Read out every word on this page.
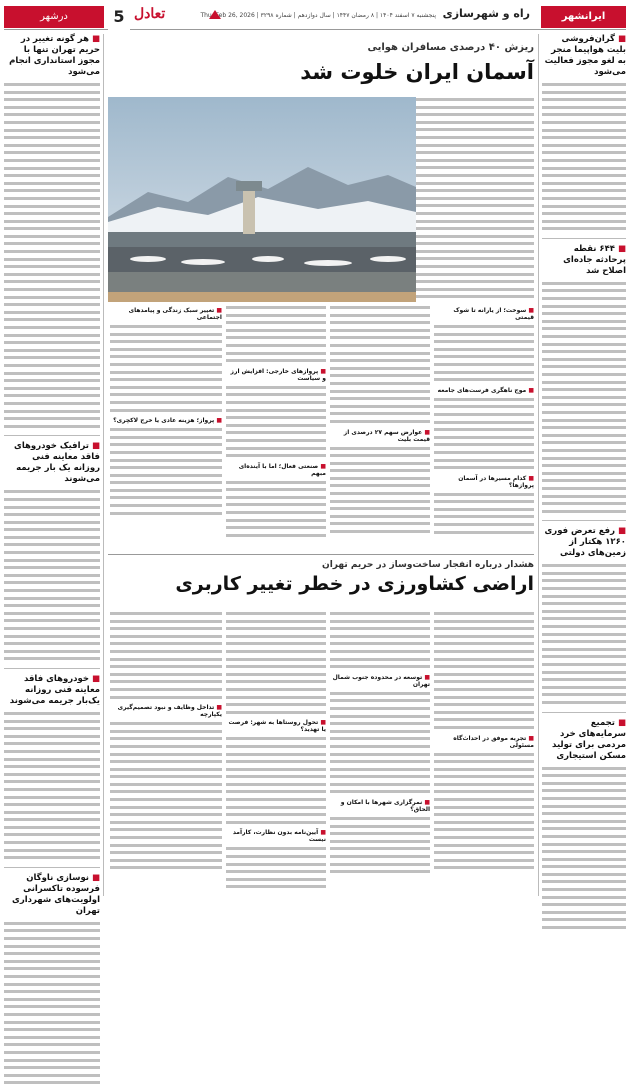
ایرانشهر
راه و شهرسازی
پنجشنبه ۷ اسفند ۱۴۰۴ | ۸ رمضان ۱۴۴۷ | سال دوازدهم | شماره ۳۲۹۸ | Thu, Feb 26, 2026
تعادل
5
درشهر
■ گران‌فروشی بلیت هواپیما منجر به لغو مجوز فعالیت می‌شود
■ ۶۴۴ نقطه پرحادثه جاده‌ای اصلاح شد
■ رفع تعرض فوری ۱۲۶۰ هکتار از زمین‌های دولتی
■ تجمیع سرمایه‌های خرد مردمی برای تولید مسکن استیجاری
■ هر گونه تغییر در حریم تهران تنها با مجوز استانداری انجام می‌شود
■ ترافیک خودروهای فاقد معاینه فنی روزانه یک بار جریمه می‌شوند
■ خودروهای فاقد معاینه فنی روزانه یک‌بار جریمه می‌شوند
■ نوسازی ناوگان فرسوده تاکسرانی اولویت‌های شهرداری تهران
ریزش ۴۰ درصدی مسافران هوایی
آسمان ایران خلوت شد
■ سوخت؛ از یارانه تا شوک قیمتی
■ موج ناهگری فرست‌های جامعه
■ کدام مسیرها در آسمان پروازها؟
■ عوارض سهم ۲۷ درصدی از قیمت بلیت
■ پروازهای خارجی: افزایش ارز و سیاست
■ صنعتی فعال؛ اما با آینده‌ای مبهم
■ تغییر سبک زندگی و پیامدهای اجتماعی
■ پرواز؛ هزینه عادی یا خرج لاکچری؟
هشدار درباره انفجار ساخت‌وساز در حریم تهران
اراضی کشاورزی در خطر تغییر کاربری
■ تجربه موفق در احداث‌گاه مسئولی
■ توسعه در محدوده جنوب شمال تهران
■ نمرگزاری شهرها با امکان و الحاق؟
■ تحول روستاها به شهر: فرصت یا تهدید؟
■ آیین‌نامه بدون نظارت، کارآمد نیست
■ تداخل وظایف و نبود تصمیم‌گیری یکپارچه
